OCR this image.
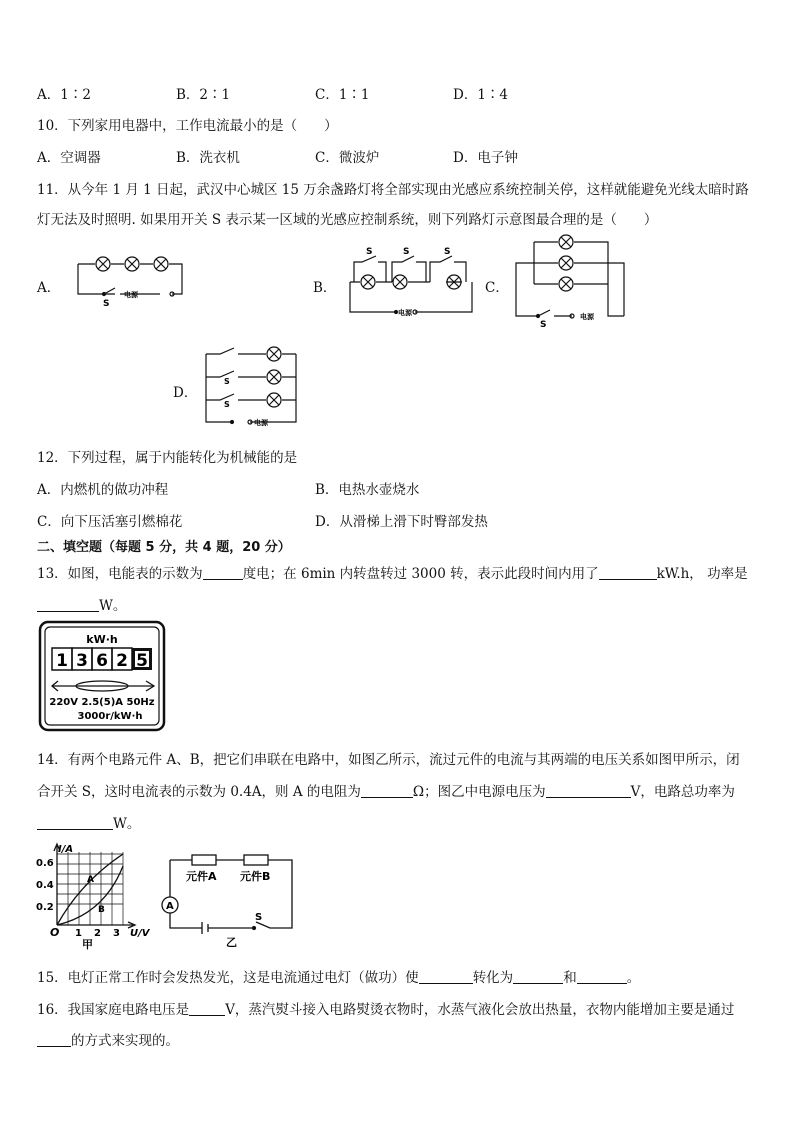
A．1∶2	B．2∶1	C．1∶1	D．1∶4
10．下列家用电器中，工作电流最小的是（　　）
A．空调器	B．洗衣机	C．微波炉	D．电子钟
11．从今年 1 月 1 日起，武汉中心城区 15 万余盏路灯将全部实现由光感应系统控制关停，这样就能避免光线太暗时路
灯无法及时照明. 如果用开关 S 表示某一区域的光感应控制系统，则下列路灯示意图最合理的是（　　）
A．	电源
S
B．
S	S	S
电源
C．
电源
S
D．
S
S
电源
12．下列过程，属于内能转化为机械能的是
A．内燃机的做功冲程	B．电热水壶烧水
C．向下压活塞引燃棉花	D．从滑梯上滑下时臀部发热
二、填空题（每题 5 分，共 4 题，20 分）
13．如图，电能表的示数为	度电；在 6min 内转盘转过 3000 转，表示此段时间内用了	kW.h， 功率是
W。
kW·h
1 3 6 2 5
220V 2.5(5)A 50Hz
3000r/kW·h
14．有两个电路元件 A、B，把它们串联在电路中，如图乙所示，流过元件的电流与其两端的电压关系如图甲所示，闭
合开关 S，这时电流表的示数为 0.4A，则 A 的电阻为	Ω；图乙中电源电压为	V，电路总功率为
W。
I/A
0.6
0.4
0.2
O 1 2 3 U/V
A
B
甲
A
元件A 元件B
S
乙
15．电灯正常工作时会发热发光，这是电流通过电灯（做功）使	转化为	和	。
16．我国家庭电路电压是	V，蒸汽熨斗接入电路熨烫衣物时，水蒸气液化会放出热量，衣物内能增加主要是通过
的方式来实现的。
